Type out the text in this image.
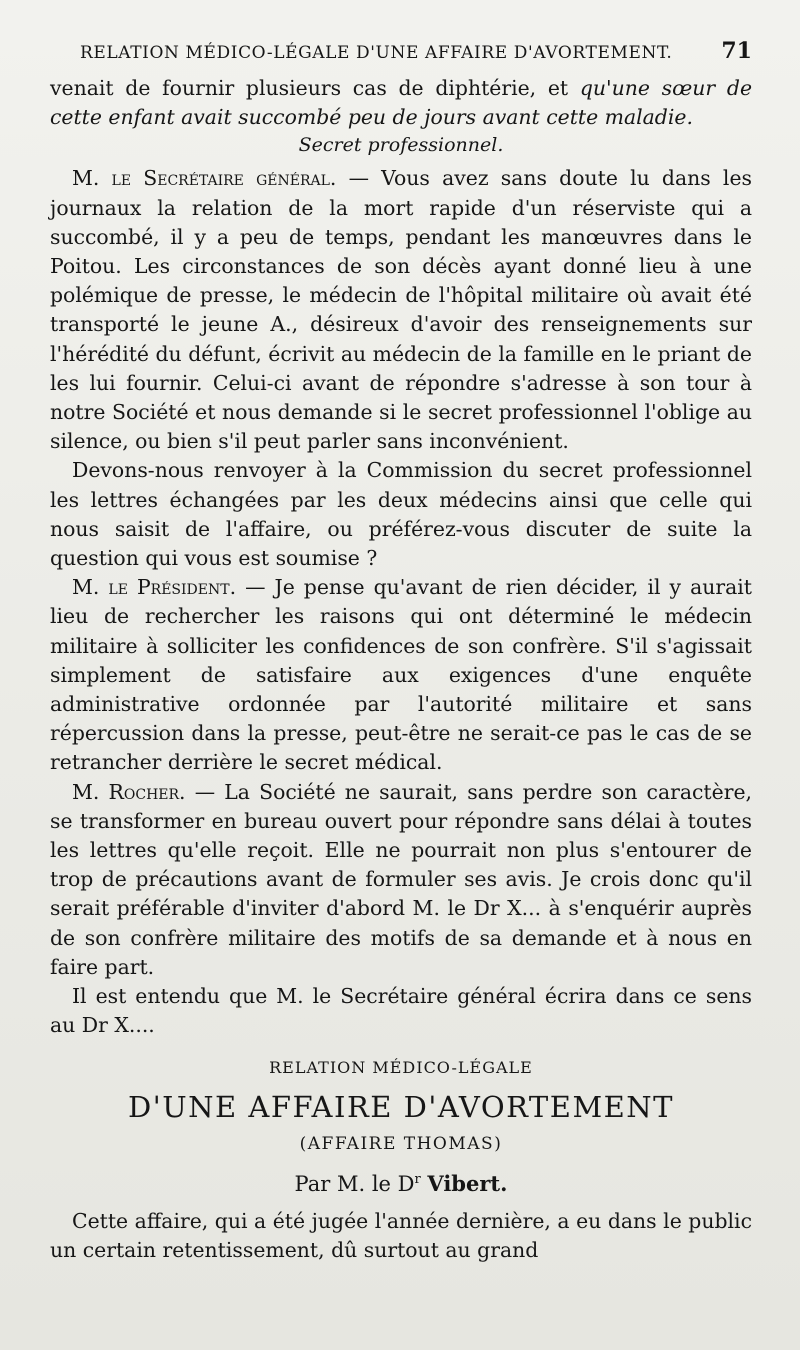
RELATION MÉDICO-LÉGALE D'UNE AFFAIRE D'AVORTEMENT. 71

venait de fournir plusieurs cas de diphtérie, et qu'une sœur de cette enfant avait succombé peu de jours avant cette maladie.

Secret professionnel.

M. le Secrétaire général. — Vous avez sans doute lu dans les journaux la relation de la mort rapide d'un réserviste qui a succombé, il y a peu de temps, pendant les manœuvres dans le Poitou. Les circonstances de son décès ayant donné lieu à une polémique de presse, le médecin de l'hôpital militaire où avait été transporté le jeune A., désireux d'avoir des renseignements sur l'hérédité du défunt, écrivit au médecin de la famille en le priant de les lui fournir. Celui-ci avant de répondre s'adresse à son tour à notre Société et nous demande si le secret professionnel l'oblige au silence, ou bien s'il peut parler sans inconvénient.

Devons-nous renvoyer à la Commission du secret professionnel les lettres échangées par les deux médecins ainsi que celle qui nous saisit de l'affaire, ou préférez-vous discuter de suite la question qui vous est soumise ?

M. le Président. — Je pense qu'avant de rien décider, il y aurait lieu de rechercher les raisons qui ont déterminé le médecin militaire à solliciter les confidences de son confrère. S'il s'agissait simplement de satisfaire aux exigences d'une enquête administrative ordonnée par l'autorité militaire et sans répercussion dans la presse, peut-être ne serait-ce pas le cas de se retrancher derrière le secret médical.

M. Rocher. — La Société ne saurait, sans perdre son caractère, se transformer en bureau ouvert pour répondre sans délai à toutes les lettres qu'elle reçoit. Elle ne pourrait non plus s'entourer de trop de précautions avant de formuler ses avis. Je crois donc qu'il serait préférable d'inviter d'abord M. le Dr X... à s'enquérir auprès de son confrère militaire des motifs de sa demande et à nous en faire part.

Il est entendu que M. le Secrétaire général écrira dans ce sens au Dr X....

RELATION MÉDICO-LÉGALE
D'UNE AFFAIRE D'AVORTEMENT
(AFFAIRE THOMAS)
Par M. le $D^r$ Vibert.

Cette affaire, qui a été jugée l'année dernière, a eu dans le public un certain retentissement, dû surtout au grand
